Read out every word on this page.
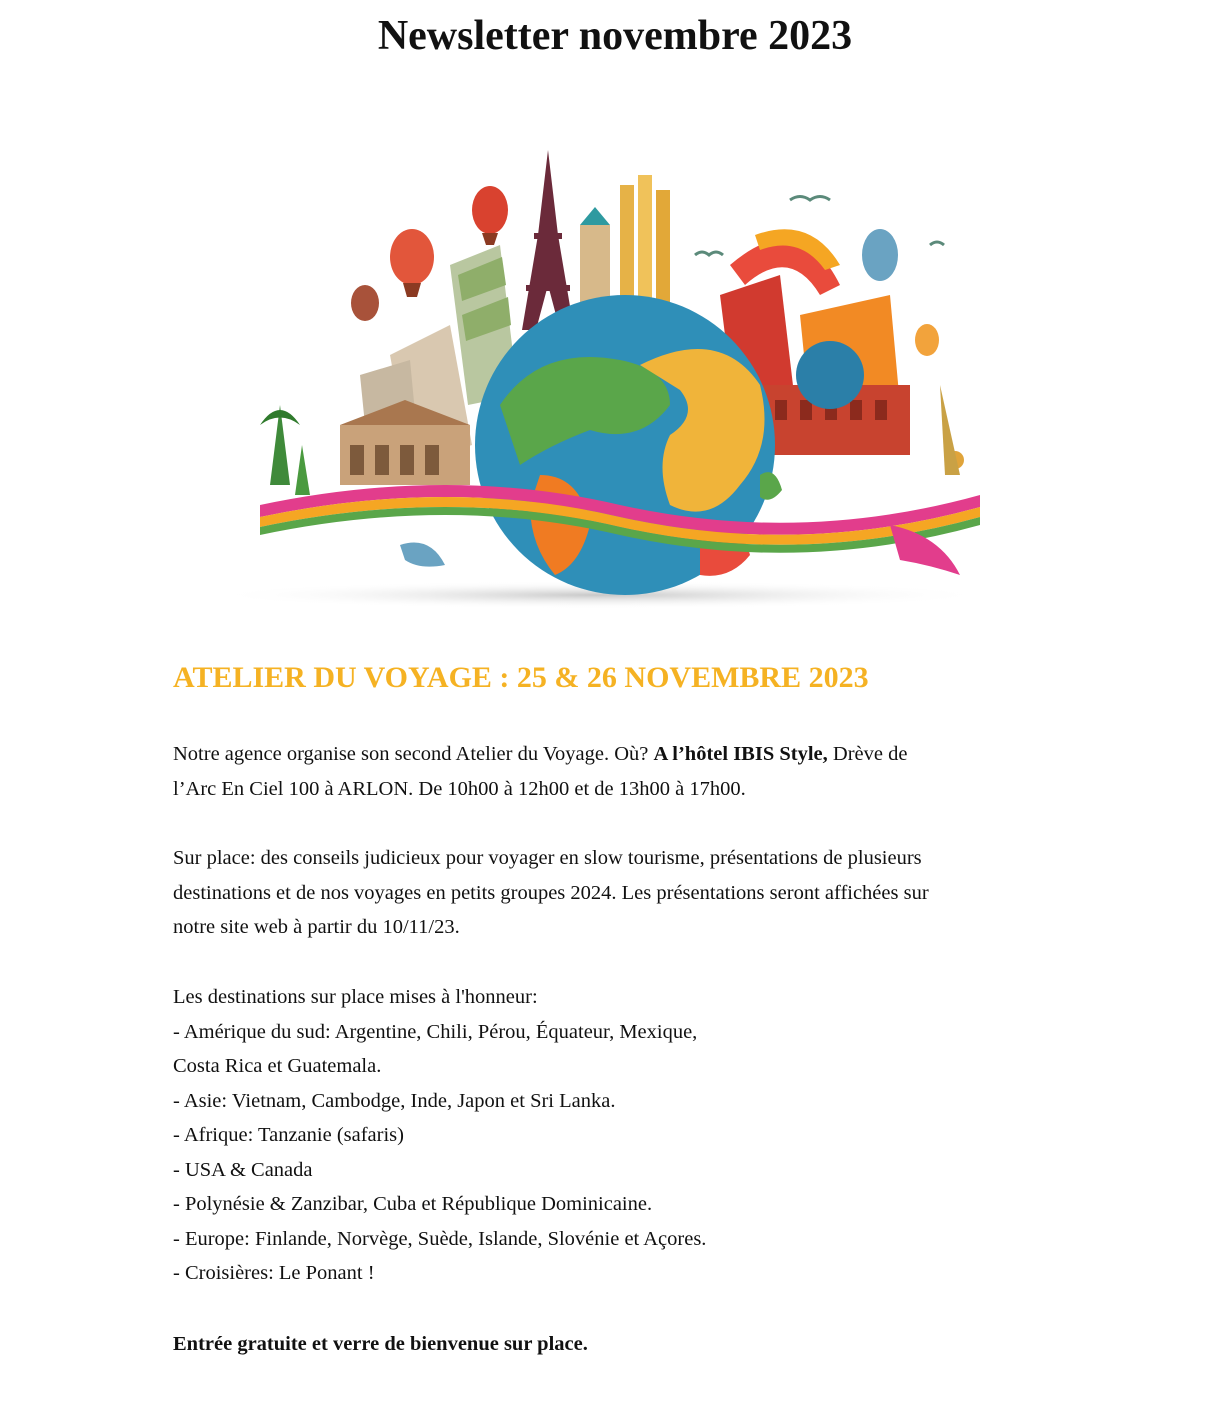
Newsletter novembre 2023
ATELIER DU VOYAGE : 25 & 26 NOVEMBRE 2023

Notre agence organise son second Atelier du Voyage. Où? A l’hôtel IBIS Style, Drève de
l’Arc En Ciel 100 à ARLON. De 10h00 à 12h00 et de 13h00 à 17h00.

Sur place: des conseils judicieux pour voyager en slow tourisme, présentations de plusieurs
destinations et de nos voyages en petits groupes 2024. Les présentations seront affichées sur
notre site web à partir du 10/11/23.

Les destinations sur place mises à l'honneur:
- Amérique du sud: Argentine, Chili, Pérou, Équateur, Mexique,
Costa Rica et Guatemala.
- Asie: Vietnam, Cambodge, Inde, Japon et Sri Lanka.
- Afrique: Tanzanie (safaris)
- USA & Canada
- Polynésie & Zanzibar, Cuba et République Dominicaine.
- Europe: Finlande, Norvège, Suède, Islande, Slovénie et Açores.
- Croisières: Le Ponant !

Entrée gratuite et verre de bienvenue sur place.
